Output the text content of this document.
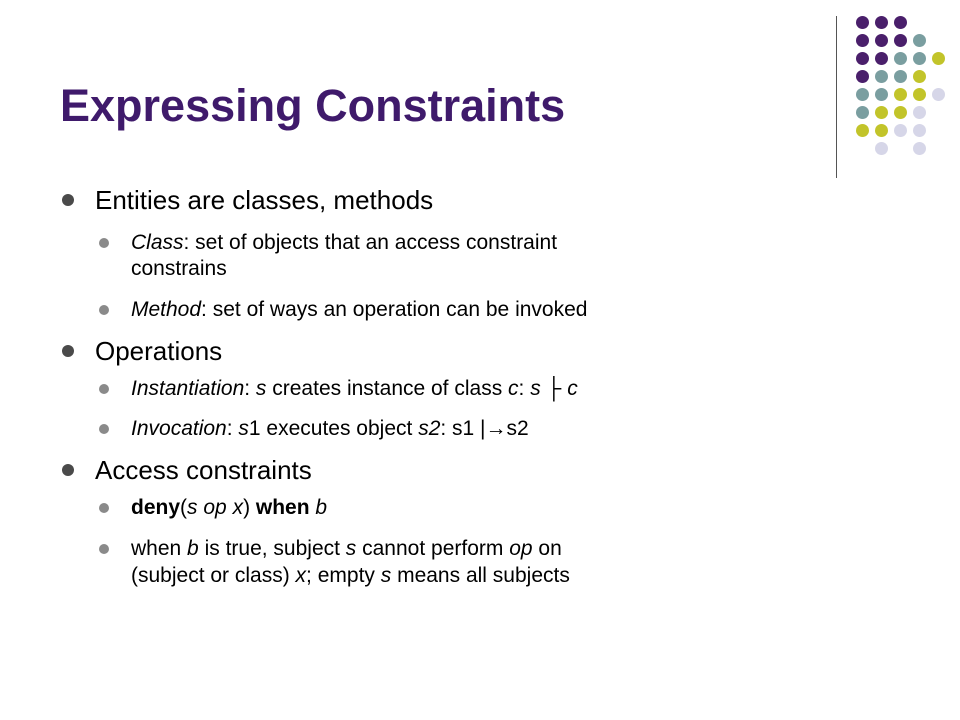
Expressing Constraints
Entities are classes, methods
Class: set of objects that an access constraint
constrains
Method: set of ways an operation can be invoked
Operations
Instantiation: s creates instance of class c: s ├ c
Invocation: s1 executes object s2: s1 |→s2
Access constraints
deny(s op x) when b
when b is true, subject s cannot perform op on
(subject or class) x; empty s means all subjects
